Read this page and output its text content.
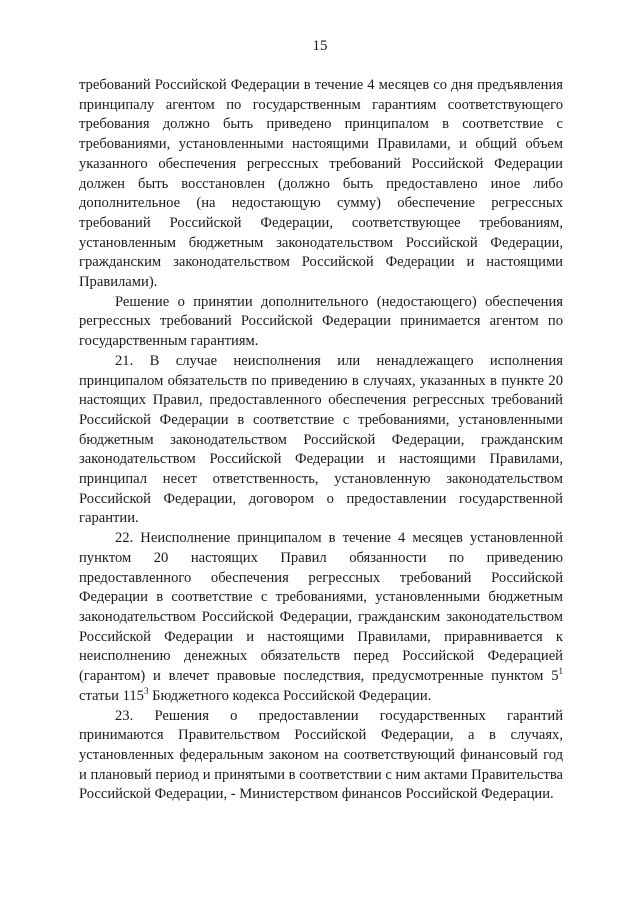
15

требований Российской Федерации в течение 4 месяцев со дня предъявления принципалу агентом по государственным гарантиям соответствующего требования должно быть приведено принципалом в соответствие с требованиями, установленными настоящими Правилами, и общий объем указанного обеспечения регрессных требований Российской Федерации должен быть восстановлен (должно быть предоставлено иное либо дополнительное (на недостающую сумму) обеспечение регрессных требований Российской Федерации, соответствующее требованиям, установленным бюджетным законодательством Российской Федерации, гражданским законодательством Российской Федерации и настоящими Правилами).

Решение о принятии дополнительного (недостающего) обеспечения регрессных требований Российской Федерации принимается агентом по государственным гарантиям.

21. В случае неисполнения или ненадлежащего исполнения принципалом обязательств по приведению в случаях, указанных в пункте 20 настоящих Правил, предоставленного обеспечения регрессных требований Российской Федерации в соответствие с требованиями, установленными бюджетным законодательством Российской Федерации, гражданским законодательством Российской Федерации и настоящими Правилами, принципал несет ответственность, установленную законодательством Российской Федерации, договором о предоставлении государственной гарантии.

22. Неисполнение принципалом в течение 4 месяцев установленной пунктом 20 настоящих Правил обязанности по приведению предоставленного обеспечения регрессных требований Российской Федерации в соответствие с требованиями, установленными бюджетным законодательством Российской Федерации, гражданским законодательством Российской Федерации и настоящими Правилами, приравнивается к неисполнению денежных обязательств перед Российской Федерацией (гарантом) и влечет правовые последствия, предусмотренные пунктом $5^1$ статьи $115^3$ Бюджетного кодекса Российской Федерации.

23. Решения о предоставлении государственных гарантий принимаются Правительством Российской Федерации, а в случаях, установленных федеральным законом на соответствующий финансовый год и плановый период и принятыми в соответствии с ним актами Правительства Российской Федерации, - Министерством финансов Российской Федерации.
